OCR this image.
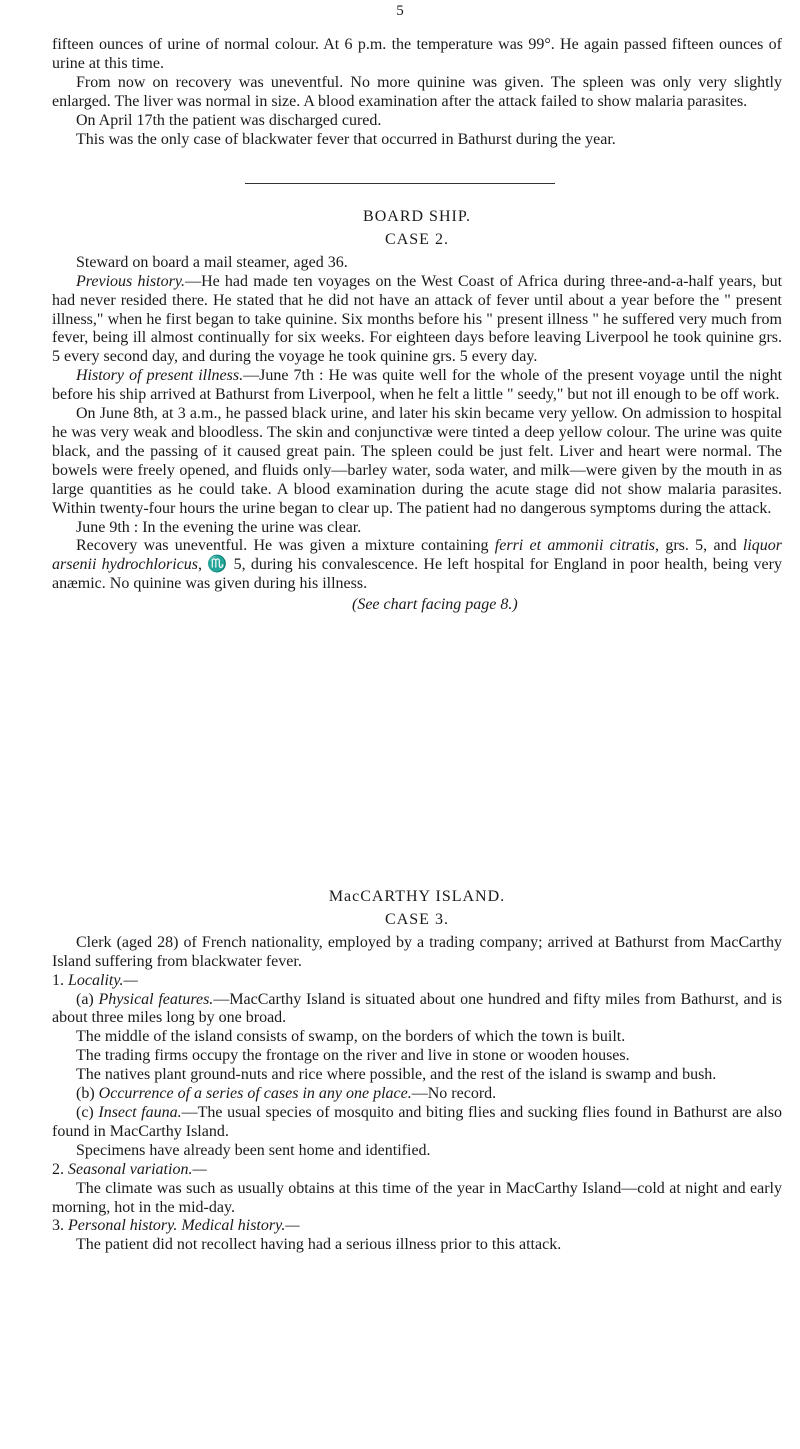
5

fifteen ounces of urine of normal colour. At 6 p.m. the temperature was 99°. He again passed fifteen ounces of urine at this time.

From now on recovery was uneventful. No more quinine was given. The spleen was only very slightly enlarged. The liver was normal in size. A blood examination after the attack failed to show malaria parasites.

On April 17th the patient was discharged cured.

This was the only case of blackwater fever that occurred in Bathurst during the year.

BOARD SHIP.

CASE 2.

Steward on board a mail steamer, aged 36.

Previous history.—He had made ten voyages on the West Coast of Africa during three-and-a-half years, but had never resided there. He stated that he did not have an attack of fever until about a year before the " present illness," when he first began to take quinine. Six months before his " present illness " he suffered very much from fever, being ill almost continually for six weeks. For eighteen days before leaving Liverpool he took quinine grs. 5 every second day, and during the voyage he took quinine grs. 5 every day.

History of present illness.—June 7th : He was quite well for the whole of the present voyage until the night before his ship arrived at Bathurst from Liverpool, when he felt a little " seedy," but not ill enough to be off work.

On June 8th, at 3 a.m., he passed black urine, and later his skin became very yellow. On admission to hospital he was very weak and bloodless. The skin and conjunctivæ were tinted a deep yellow colour. The urine was quite black, and the passing of it caused great pain. The spleen could be just felt. Liver and heart were normal. The bowels were freely opened, and fluids only—barley water, soda water, and milk—were given by the mouth in as large quantities as he could take. A blood examination during the acute stage did not show malaria parasites. Within twenty-four hours the urine began to clear up. The patient had no dangerous symptoms during the attack.

June 9th : In the evening the urine was clear.

Recovery was uneventful. He was given a mixture containing ferri et ammonii citratis, grs. 5, and liquor arsenii hydrochloricus, ♏ 5, during his convalescence. He left hospital for England in poor health, being very anæmic. No quinine was given during his illness.

(See chart facing page 8.)

MacCARTHY ISLAND.

CASE 3.

Clerk (aged 28) of French nationality, employed by a trading company; arrived at Bathurst from MacCarthy Island suffering from blackwater fever.

1. Locality.—

(a) Physical features.—MacCarthy Island is situated about one hundred and fifty miles from Bathurst, and is about three miles long by one broad.

The middle of the island consists of swamp, on the borders of which the town is built.

The trading firms occupy the frontage on the river and live in stone or wooden houses.

The natives plant ground-nuts and rice where possible, and the rest of the island is swamp and bush.

(b) Occurrence of a series of cases in any one place.—No record.

(c) Insect fauna.—The usual species of mosquito and biting flies and sucking flies found in Bathurst are also found in MacCarthy Island.

Specimens have already been sent home and identified.

2. Seasonal variation.—

The climate was such as usually obtains at this time of the year in MacCarthy Island—cold at night and early morning, hot in the mid-day.

3. Personal history. Medical history.—

The patient did not recollect having had a serious illness prior to this attack.
